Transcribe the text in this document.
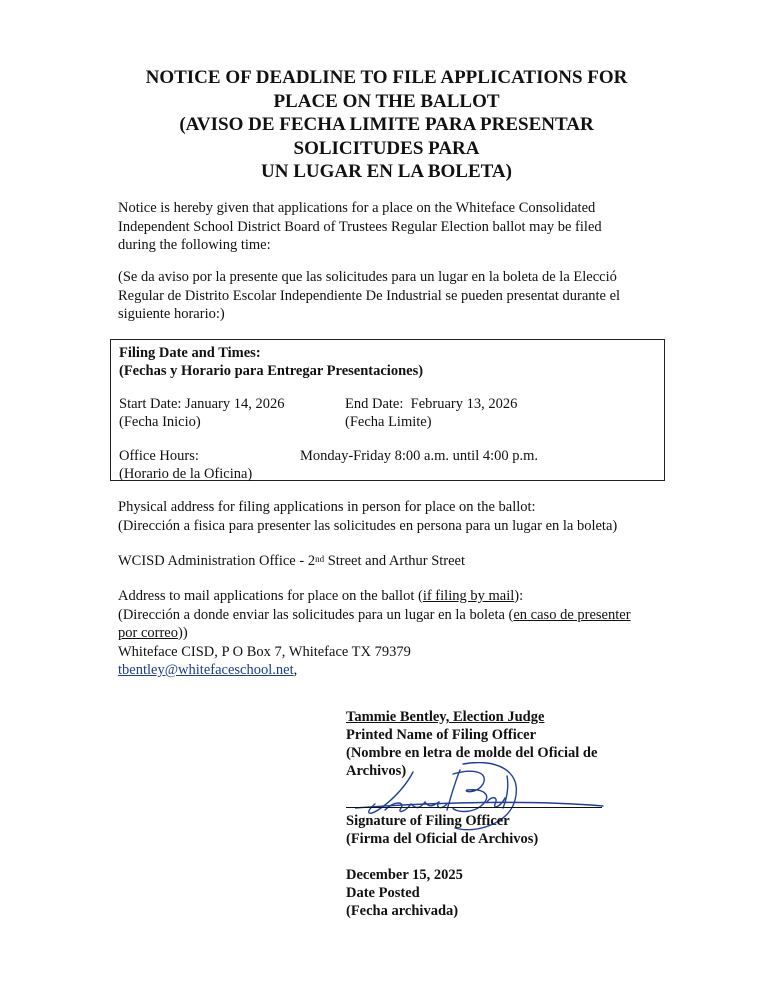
NOTICE OF DEADLINE TO FILE APPLICATIONS FOR
PLACE ON THE BALLOT
(AVISO DE FECHA LIMITE PARA PRESENTAR
SOLICITUDES PARA
UN LUGAR EN LA BOLETA)
Notice is hereby given that applications for a place on the Whiteface Consolidated
Independent School District Board of Trustees Regular Election ballot may be filed
during the following time:
(Se da aviso por la presente que las solicitudes para un lugar en la boleta de la Elecció
Regular de Distrito Escolar Independiente De Industrial se pueden presentat durante el
siguiente horario:)
Filing Date and Times:
(Fechas y Horario para Entregar Presentaciones)
Start Date: January 14, 2026
(Fecha Inicio)
End Date: February 13, 2026
(Fecha Limite)
Office Hours:
(Horario de la Oficina)
Monday-Friday 8:00 a.m. until 4:00 p.m.
Physical address for filing applications in person for place on the ballot:
(Dirección a fisica para presenter las solicitudes en persona para un lugar en la boleta)
WCISD Administration Office - 2nd Street and Arthur Street
Address to mail applications for place on the ballot (if filing by mail):
(Dirección a donde enviar las solicitudes para un lugar en la boleta (en caso de presenter
por correo))
Whiteface CISD, P O Box 7, Whiteface TX 79379
tbentley@whitefaceschool.net,
Tammie Bentley, Election Judge
Printed Name of Filing Officer
(Nombre en letra de molde del Oficial de
Archivos)
Signature of Filing Officer
(Firma del Oficial de Archivos)
December 15, 2025
Date Posted
(Fecha archivada)
